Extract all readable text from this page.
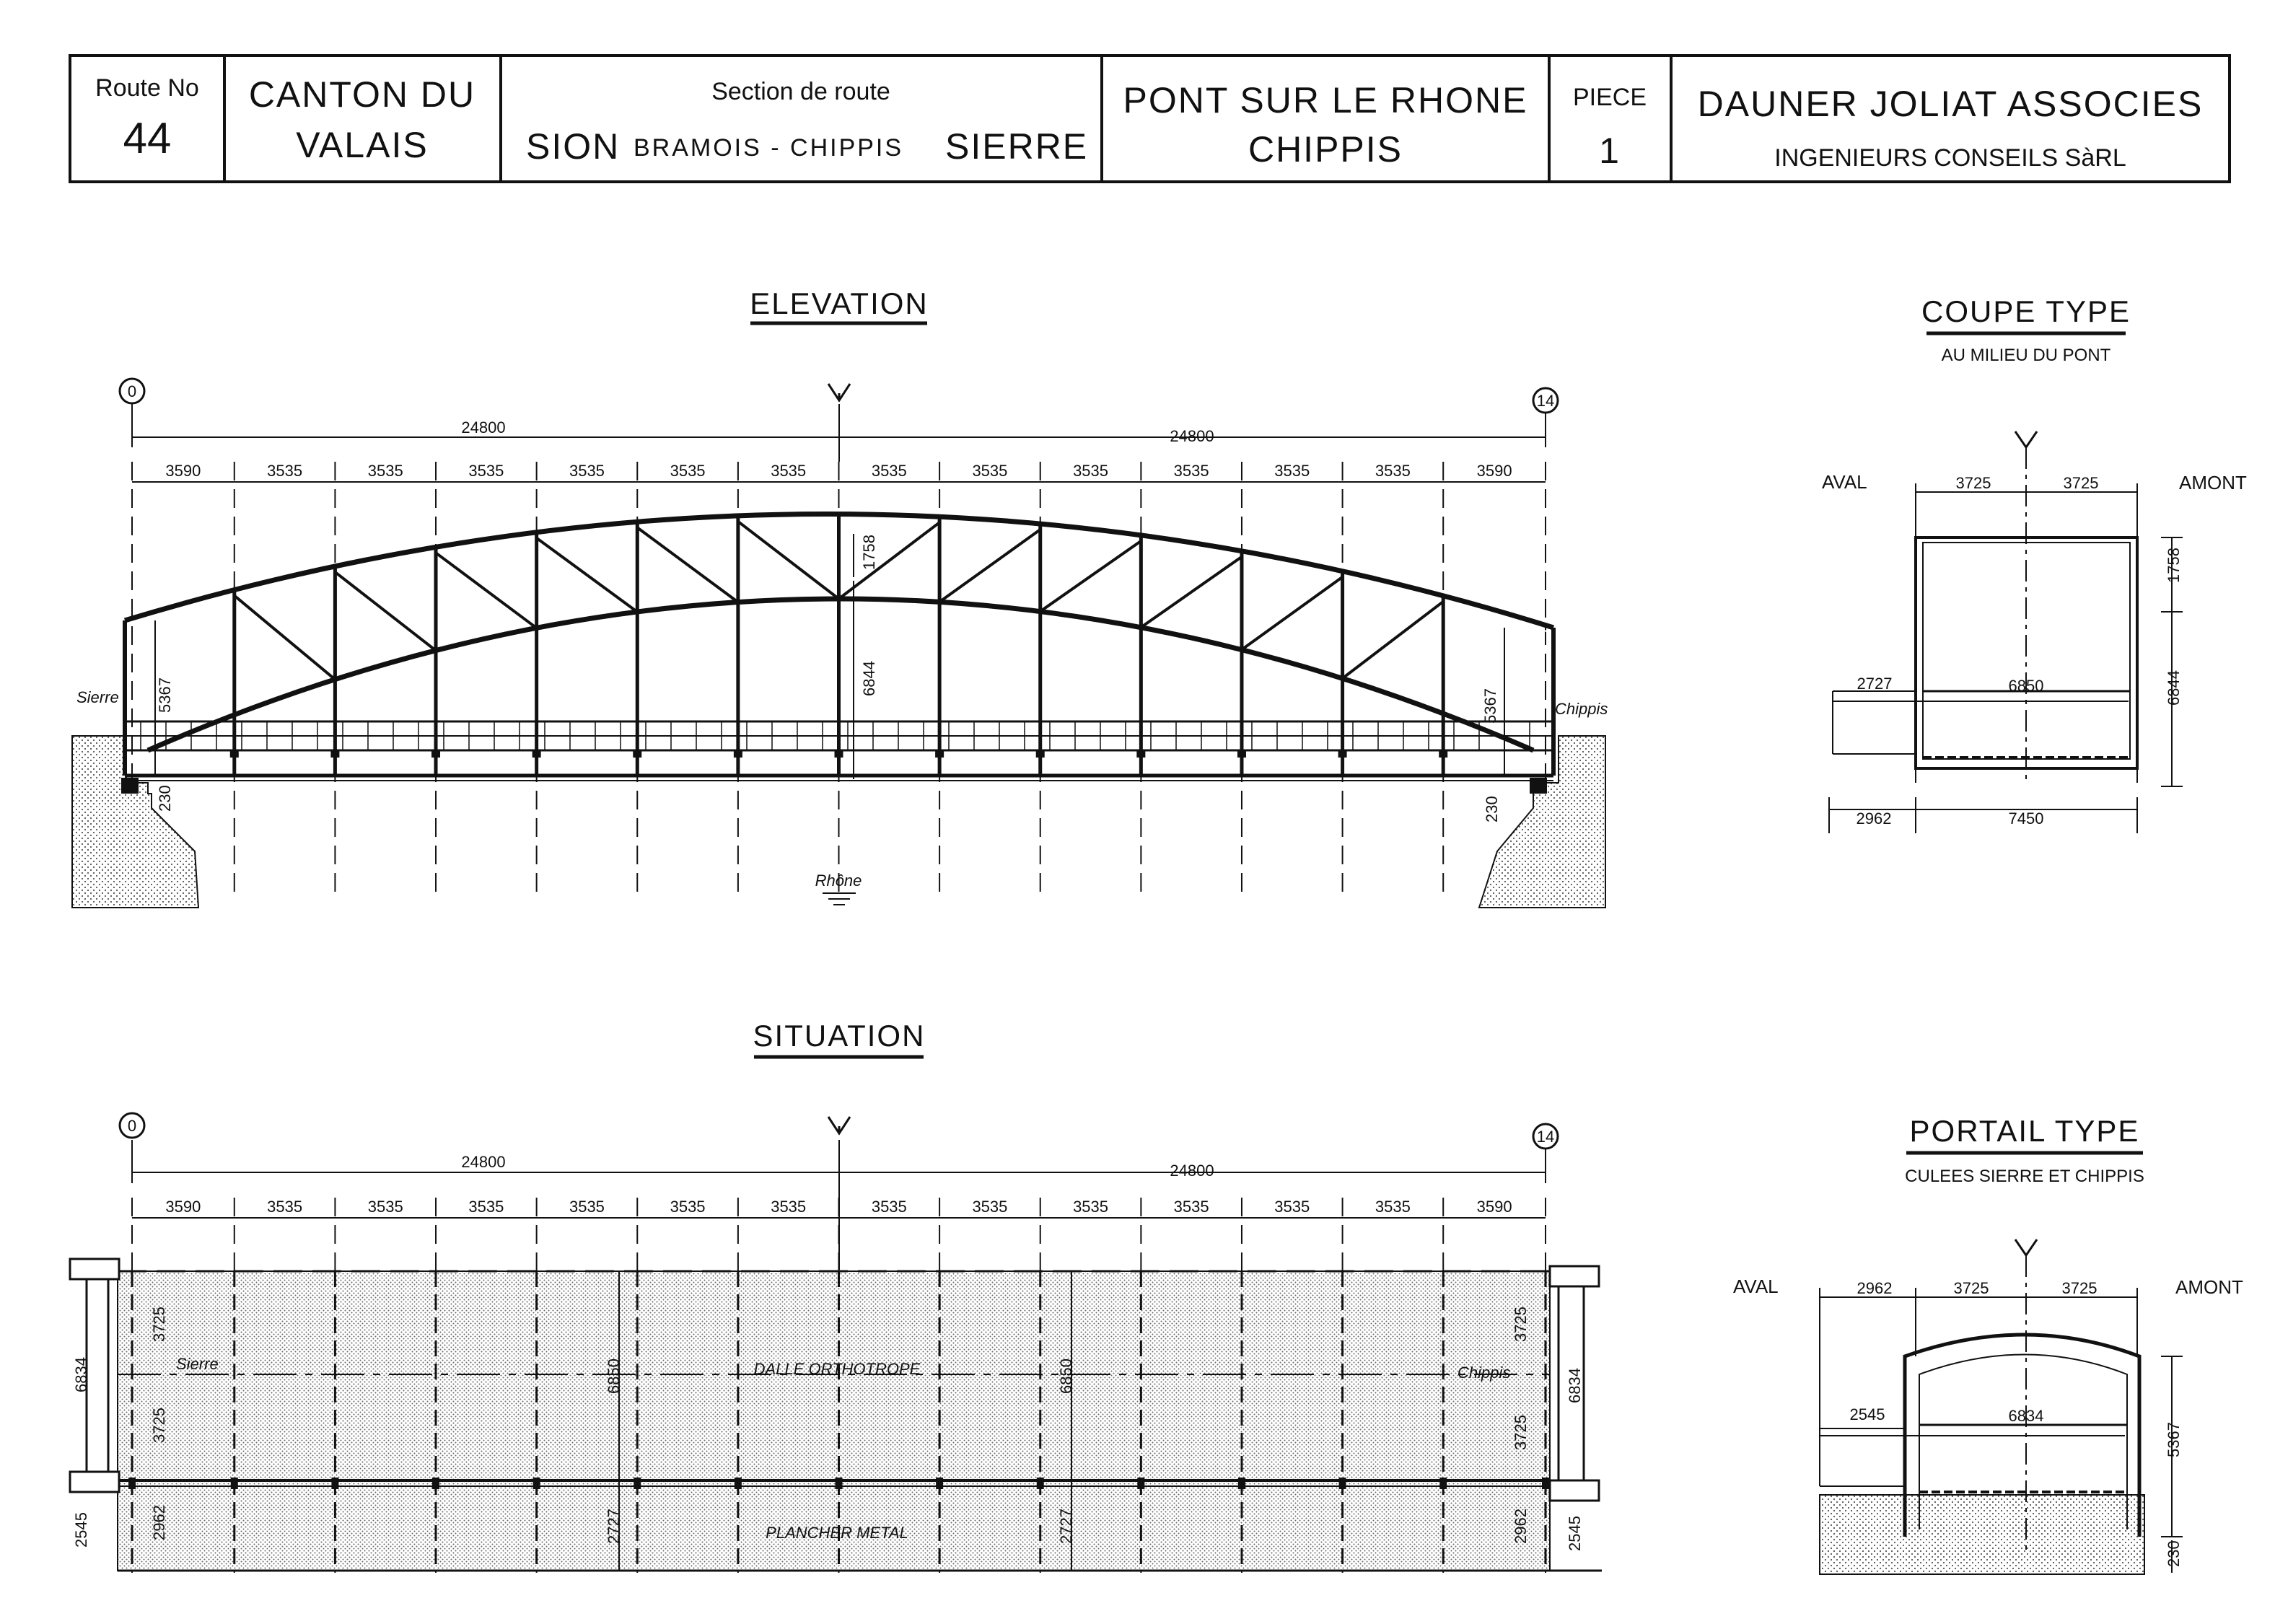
Route No
44
CANTON DU
VALAIS
Section de route
SION BRAMOIS - CHIPPIS SIERRE
PONT SUR LE RHONE
CHIPPIS
PIECE
1
DAUNER JOLIAT ASSOCIES
INGENIEURS CONSEILS SàRL
ELEVATION
0
14
24800	24800
3590	3535	3535	3535	3535	3535	3535	3535	3535	3535	3535	3535	3535	3590
Sierre
Chippis
5367	5367
6844
1758
230	230
Rhône
SITUATION
0
14
24800	24800
3590	3535	3535	3535	3535	3535	3535	3535	3535	3535	3535	3535	3535	3590
DALLE ORTHOTROPE
PLANCHER METAL
Sierre	Chippis
6834	6834
2545	2545
3725
3725
3725
3725
6850	6850
2962	2727	2727	2962
COUPE TYPE
AU MILIEU DU PONT
AVAL	AMONT
3725	3725
1758
6844
2727	6850
2962	7450
PORTAIL TYPE
CULEES SIERRE ET CHIPPIS
AVAL	AMONT
2962	3725	3725
2545	6834
5367
230
